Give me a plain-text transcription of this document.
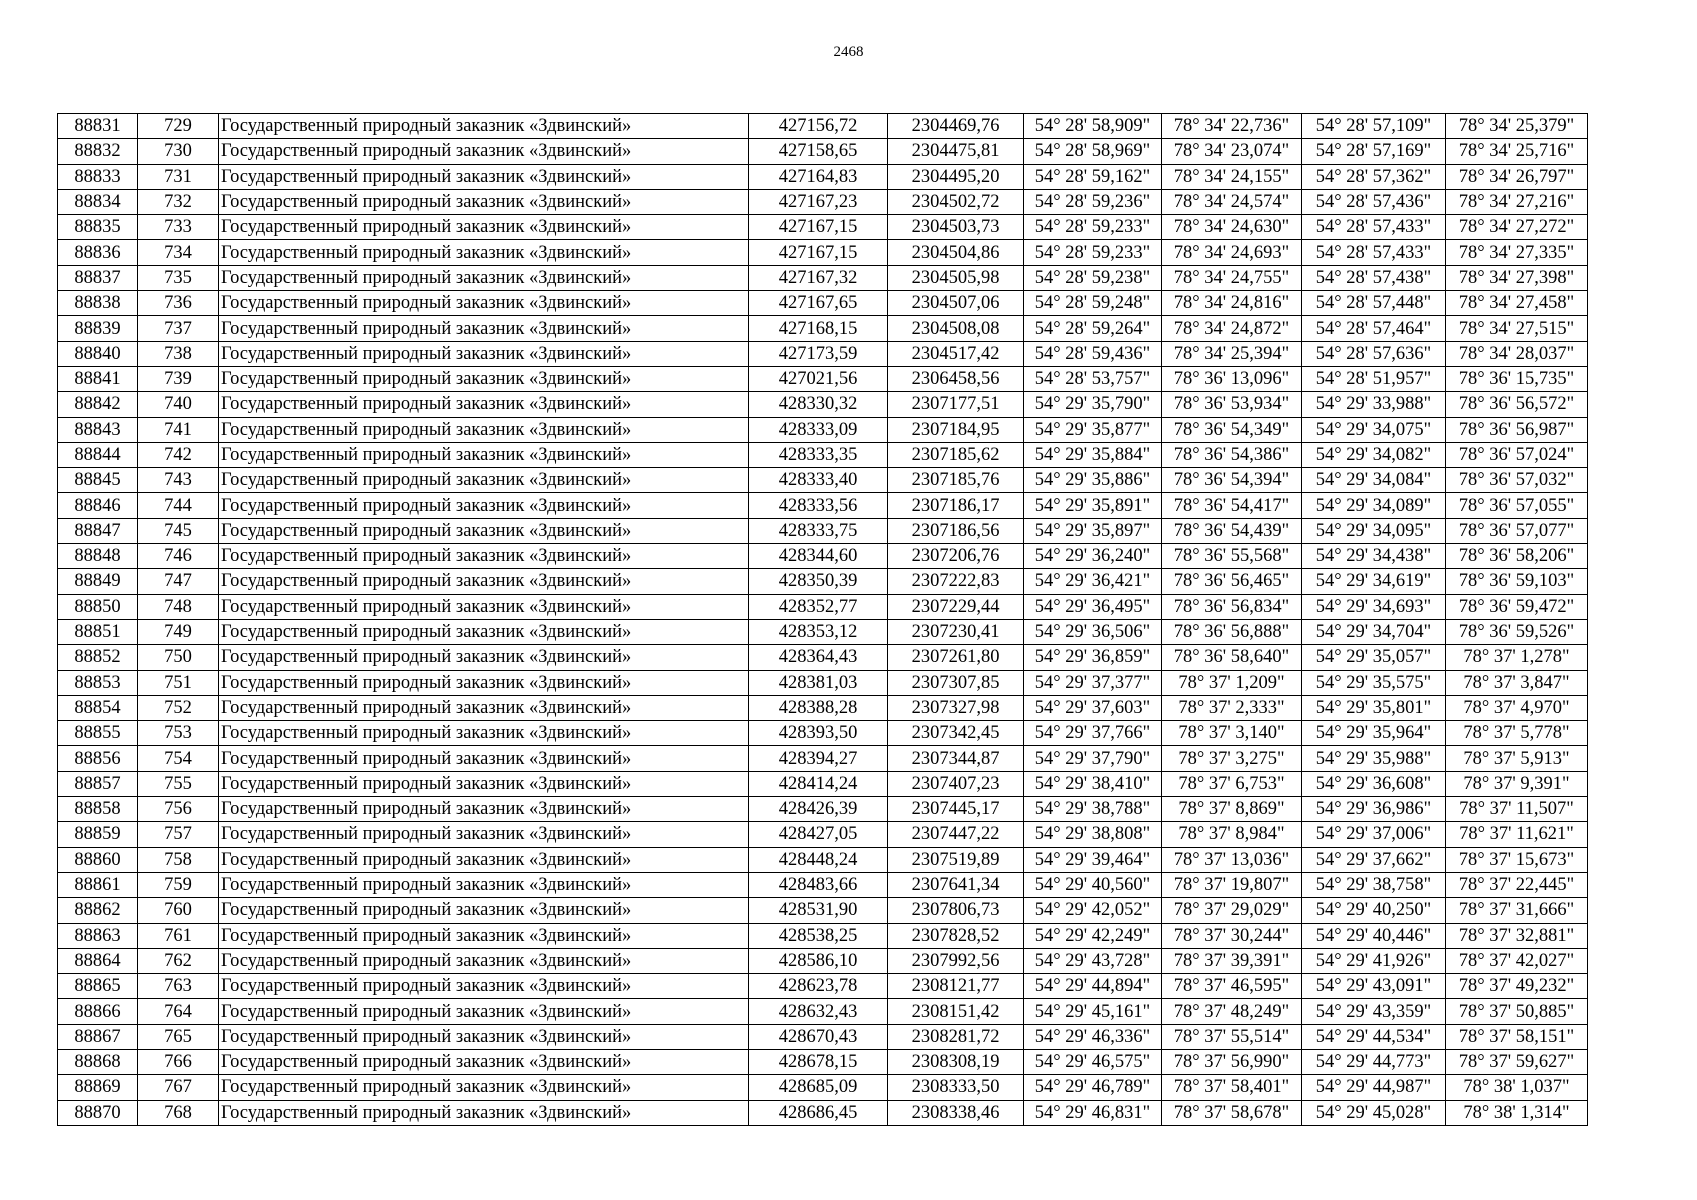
2468
88831	729	Государственный природный заказник «Здвинский»	427156,72	2304469,76	54° 28' 58,909"	78° 34' 22,736"	54° 28' 57,109"	78° 34' 25,379"
88832	730	Государственный природный заказник «Здвинский»	427158,65	2304475,81	54° 28' 58,969"	78° 34' 23,074"	54° 28' 57,169"	78° 34' 25,716"
88833	731	Государственный природный заказник «Здвинский»	427164,83	2304495,20	54° 28' 59,162"	78° 34' 24,155"	54° 28' 57,362"	78° 34' 26,797"
88834	732	Государственный природный заказник «Здвинский»	427167,23	2304502,72	54° 28' 59,236"	78° 34' 24,574"	54° 28' 57,436"	78° 34' 27,216"
88835	733	Государственный природный заказник «Здвинский»	427167,15	2304503,73	54° 28' 59,233"	78° 34' 24,630"	54° 28' 57,433"	78° 34' 27,272"
88836	734	Государственный природный заказник «Здвинский»	427167,15	2304504,86	54° 28' 59,233"	78° 34' 24,693"	54° 28' 57,433"	78° 34' 27,335"
88837	735	Государственный природный заказник «Здвинский»	427167,32	2304505,98	54° 28' 59,238"	78° 34' 24,755"	54° 28' 57,438"	78° 34' 27,398"
88838	736	Государственный природный заказник «Здвинский»	427167,65	2304507,06	54° 28' 59,248"	78° 34' 24,816"	54° 28' 57,448"	78° 34' 27,458"
88839	737	Государственный природный заказник «Здвинский»	427168,15	2304508,08	54° 28' 59,264"	78° 34' 24,872"	54° 28' 57,464"	78° 34' 27,515"
88840	738	Государственный природный заказник «Здвинский»	427173,59	2304517,42	54° 28' 59,436"	78° 34' 25,394"	54° 28' 57,636"	78° 34' 28,037"
88841	739	Государственный природный заказник «Здвинский»	427021,56	2306458,56	54° 28' 53,757"	78° 36' 13,096"	54° 28' 51,957"	78° 36' 15,735"
88842	740	Государственный природный заказник «Здвинский»	428330,32	2307177,51	54° 29' 35,790"	78° 36' 53,934"	54° 29' 33,988"	78° 36' 56,572"
88843	741	Государственный природный заказник «Здвинский»	428333,09	2307184,95	54° 29' 35,877"	78° 36' 54,349"	54° 29' 34,075"	78° 36' 56,987"
88844	742	Государственный природный заказник «Здвинский»	428333,35	2307185,62	54° 29' 35,884"	78° 36' 54,386"	54° 29' 34,082"	78° 36' 57,024"
88845	743	Государственный природный заказник «Здвинский»	428333,40	2307185,76	54° 29' 35,886"	78° 36' 54,394"	54° 29' 34,084"	78° 36' 57,032"
88846	744	Государственный природный заказник «Здвинский»	428333,56	2307186,17	54° 29' 35,891"	78° 36' 54,417"	54° 29' 34,089"	78° 36' 57,055"
88847	745	Государственный природный заказник «Здвинский»	428333,75	2307186,56	54° 29' 35,897"	78° 36' 54,439"	54° 29' 34,095"	78° 36' 57,077"
88848	746	Государственный природный заказник «Здвинский»	428344,60	2307206,76	54° 29' 36,240"	78° 36' 55,568"	54° 29' 34,438"	78° 36' 58,206"
88849	747	Государственный природный заказник «Здвинский»	428350,39	2307222,83	54° 29' 36,421"	78° 36' 56,465"	54° 29' 34,619"	78° 36' 59,103"
88850	748	Государственный природный заказник «Здвинский»	428352,77	2307229,44	54° 29' 36,495"	78° 36' 56,834"	54° 29' 34,693"	78° 36' 59,472"
88851	749	Государственный природный заказник «Здвинский»	428353,12	2307230,41	54° 29' 36,506"	78° 36' 56,888"	54° 29' 34,704"	78° 36' 59,526"
88852	750	Государственный природный заказник «Здвинский»	428364,43	2307261,80	54° 29' 36,859"	78° 36' 58,640"	54° 29' 35,057"	78° 37' 1,278"
88853	751	Государственный природный заказник «Здвинский»	428381,03	2307307,85	54° 29' 37,377"	78° 37' 1,209"	54° 29' 35,575"	78° 37' 3,847"
88854	752	Государственный природный заказник «Здвинский»	428388,28	2307327,98	54° 29' 37,603"	78° 37' 2,333"	54° 29' 35,801"	78° 37' 4,970"
88855	753	Государственный природный заказник «Здвинский»	428393,50	2307342,45	54° 29' 37,766"	78° 37' 3,140"	54° 29' 35,964"	78° 37' 5,778"
88856	754	Государственный природный заказник «Здвинский»	428394,27	2307344,87	54° 29' 37,790"	78° 37' 3,275"	54° 29' 35,988"	78° 37' 5,913"
88857	755	Государственный природный заказник «Здвинский»	428414,24	2307407,23	54° 29' 38,410"	78° 37' 6,753"	54° 29' 36,608"	78° 37' 9,391"
88858	756	Государственный природный заказник «Здвинский»	428426,39	2307445,17	54° 29' 38,788"	78° 37' 8,869"	54° 29' 36,986"	78° 37' 11,507"
88859	757	Государственный природный заказник «Здвинский»	428427,05	2307447,22	54° 29' 38,808"	78° 37' 8,984"	54° 29' 37,006"	78° 37' 11,621"
88860	758	Государственный природный заказник «Здвинский»	428448,24	2307519,89	54° 29' 39,464"	78° 37' 13,036"	54° 29' 37,662"	78° 37' 15,673"
88861	759	Государственный природный заказник «Здвинский»	428483,66	2307641,34	54° 29' 40,560"	78° 37' 19,807"	54° 29' 38,758"	78° 37' 22,445"
88862	760	Государственный природный заказник «Здвинский»	428531,90	2307806,73	54° 29' 42,052"	78° 37' 29,029"	54° 29' 40,250"	78° 37' 31,666"
88863	761	Государственный природный заказник «Здвинский»	428538,25	2307828,52	54° 29' 42,249"	78° 37' 30,244"	54° 29' 40,446"	78° 37' 32,881"
88864	762	Государственный природный заказник «Здвинский»	428586,10	2307992,56	54° 29' 43,728"	78° 37' 39,391"	54° 29' 41,926"	78° 37' 42,027"
88865	763	Государственный природный заказник «Здвинский»	428623,78	2308121,77	54° 29' 44,894"	78° 37' 46,595"	54° 29' 43,091"	78° 37' 49,232"
88866	764	Государственный природный заказник «Здвинский»	428632,43	2308151,42	54° 29' 45,161"	78° 37' 48,249"	54° 29' 43,359"	78° 37' 50,885"
88867	765	Государственный природный заказник «Здвинский»	428670,43	2308281,72	54° 29' 46,336"	78° 37' 55,514"	54° 29' 44,534"	78° 37' 58,151"
88868	766	Государственный природный заказник «Здвинский»	428678,15	2308308,19	54° 29' 46,575"	78° 37' 56,990"	54° 29' 44,773"	78° 37' 59,627"
88869	767	Государственный природный заказник «Здвинский»	428685,09	2308333,50	54° 29' 46,789"	78° 37' 58,401"	54° 29' 44,987"	78° 38' 1,037"
88870	768	Государственный природный заказник «Здвинский»	428686,45	2308338,46	54° 29' 46,831"	78° 37' 58,678"	54° 29' 45,028"	78° 38' 1,314"
